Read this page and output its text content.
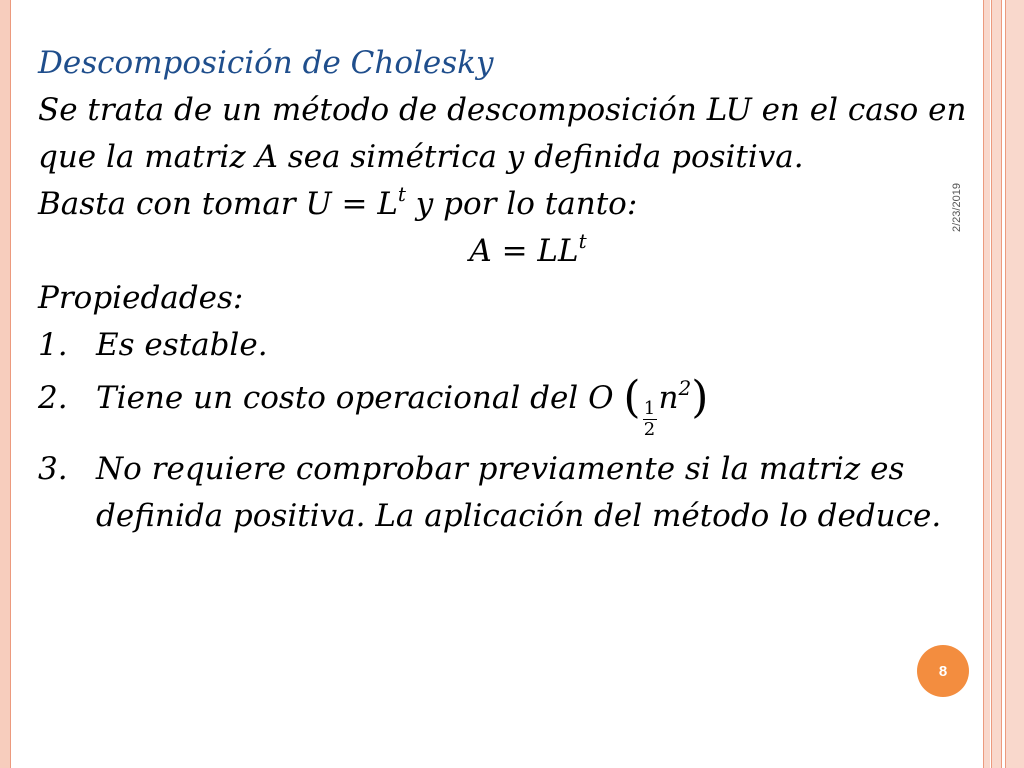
Descomposición de Cholesky
Se trata de un método de descomposición LU en el caso en que la matriz A sea simétrica y definida positiva.
Basta con tomar $U = L^t$ y por lo tanto:
$A = LL^t$
Propiedades:
1. Es estable.
2. Tiene un costo operacional del O ( $\frac{1}{2}$
$n^2$)
3. No requiere comprobar previamente si la matriz es definida positiva. La aplicación del método lo deduce.
2/23/2019
8
